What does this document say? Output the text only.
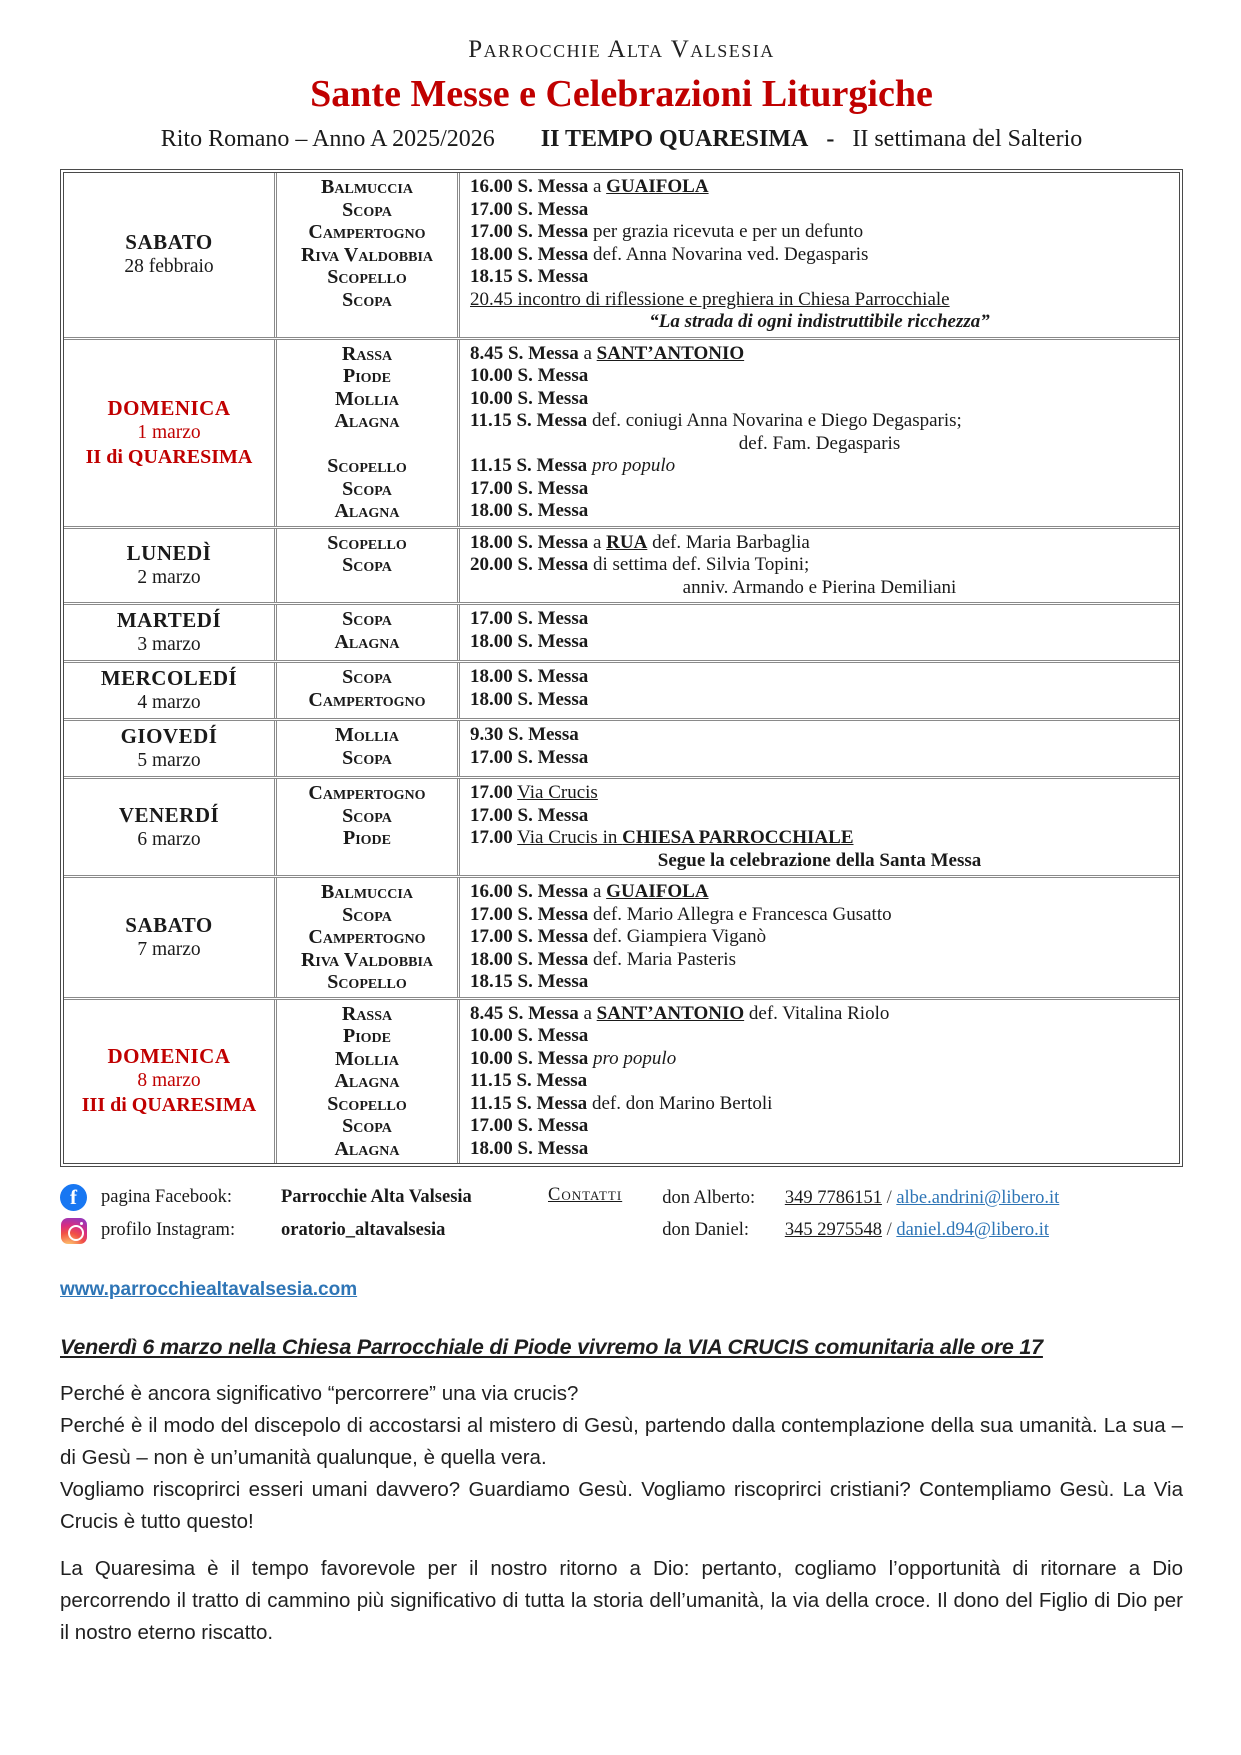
Parrocchie Alta Valsesia
Sante Messe e Celebrazioni Liturgiche
Rito Romano – Anno A 2025/2026 II TEMPO QUARESIMA - II settimana del Salterio
SABATO
28 febbraio
Balmuccia
Scopa
Campertogno
Riva Valdobbia
Scopello
Scopa
16.00 S. Messa a GUAIFOLA
17.00 S. Messa
17.00 S. Messa per grazia ricevuta e per un defunto
18.00 S. Messa def. Anna Novarina ved. Degasparis
18.15 S. Messa
20.45 incontro di riflessione e preghiera in Chiesa Parrocchiale
“La strada di ogni indistruttibile ricchezza”
DOMENICA
1 marzo
II di QUARESIMA
Rassa
Piode
Mollia
Alagna
Scopello
Scopa
Alagna
8.45 S. Messa a SANT’ANTONIO
10.00 S. Messa
10.00 S. Messa
11.15 S. Messa def. coniugi Anna Novarina e Diego Degasparis;
def. Fam. Degasparis
11.15 S. Messa pro populo
17.00 S. Messa
18.00 S. Messa
LUNEDÌ
2 marzo
Scopello
Scopa
18.00 S. Messa a RUA def. Maria Barbaglia
20.00 S. Messa di settima def. Silvia Topini;
anniv. Armando e Pierina Demiliani
MARTEDÍ
3 marzo
Scopa
Alagna
17.00 S. Messa
18.00 S. Messa
MERCOLEDÍ
4 marzo
Scopa
Campertogno
18.00 S. Messa
18.00 S. Messa
GIOVEDÍ
5 marzo
Mollia
Scopa
9.30 S. Messa
17.00 S. Messa
VENERDÍ
6 marzo
Campertogno
Scopa
Piode
17.00 Via Crucis
17.00 S. Messa
17.00 Via Crucis in CHIESA PARROCCHIALE
Segue la celebrazione della Santa Messa
SABATO
7 marzo
Balmuccia
Scopa
Campertogno
Riva Valdobbia
Scopello
16.00 S. Messa a GUAIFOLA
17.00 S. Messa def. Mario Allegra e Francesca Gusatto
17.00 S. Messa def. Giampiera Viganò
18.00 S. Messa def. Maria Pasteris
18.15 S. Messa
DOMENICA
8 marzo
III di QUARESIMA
Rassa
Piode
Mollia
Alagna
Scopello
Scopa
Alagna
8.45 S. Messa a SANT’ANTONIO def. Vitalina Riolo
10.00 S. Messa
10.00 S. Messa pro populo
11.15 S. Messa
11.15 S. Messa def. don Marino Bertoli
17.00 S. Messa
18.00 S. Messa
f
pagina Facebook:	Parrocchie Alta Valsesia
profilo Instagram:	oratorio_altavalsesia
Contatti don Alberto: 349 7786151 / albe.andrini@libero.it
don Daniel: 345 2975548 / daniel.d94@libero.it
www.parrocchiealtavalsesia.com
Venerdì 6 marzo nella Chiesa Parrocchiale di Piode vivremo la VIA CRUCIS comunitaria alle ore 17

Perché è ancora significativo “percorrere” una via crucis?

Perché è il modo del discepolo di accostarsi al mistero di Gesù, partendo dalla contemplazione della sua umanità. La sua – di Gesù – non è un’umanità qualunque, è quella vera.

Vogliamo riscoprirci esseri umani davvero? Guardiamo Gesù. Vogliamo riscoprirci cristiani? Contempliamo Gesù. La Via Crucis è tutto questo!

La Quaresima è il tempo favorevole per il nostro ritorno a Dio: pertanto, cogliamo l’opportunità di ritornare a Dio percorrendo il tratto di cammino più significativo di tutta la storia dell’umanità, la via della croce. Il dono del Figlio di Dio per il nostro eterno riscatto.
